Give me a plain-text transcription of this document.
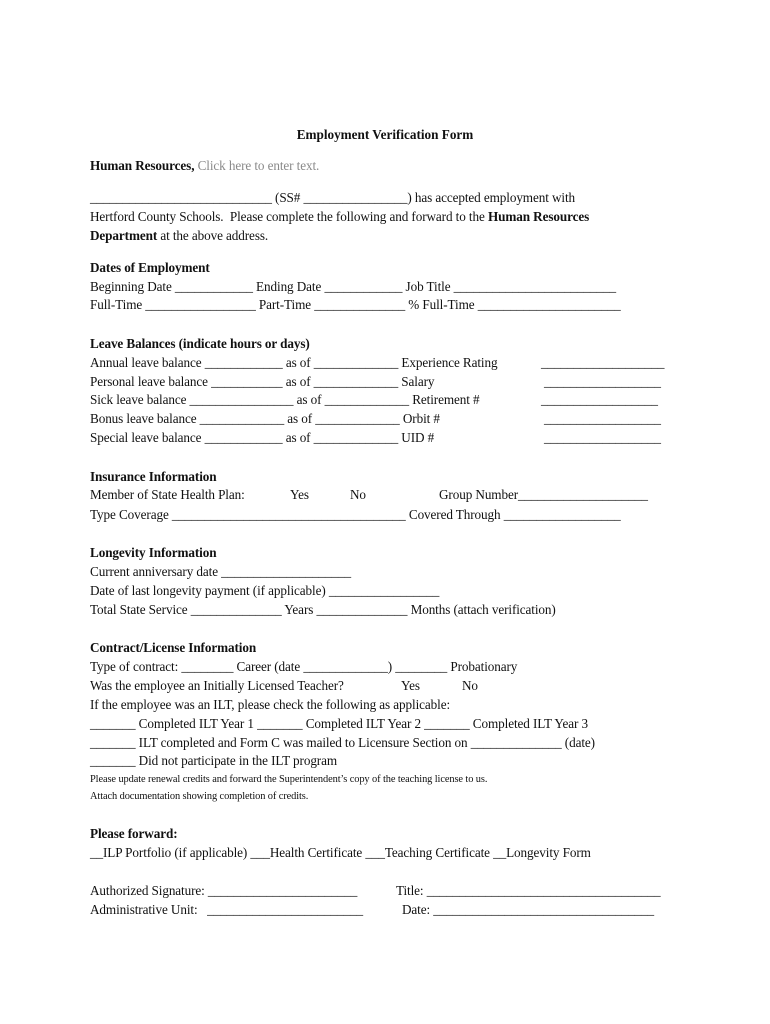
Employment Verification Form
Human Resources, Click here to enter text.
____________________________ (SS# ________________) has accepted employment with
Hertford County Schools.  Please complete the following and forward to the Human Resources
Department at the above address.
Dates of Employment
Beginning Date ____________ Ending Date ____________ Job Title _________________________
Full-Time _________________ Part-Time ______________ % Full-Time ______________________
Leave Balances (indicate hours or days)
Annual leave balance ____________ as of _____________ Experience Rating	___________________
Personal leave balance ___________ as of _____________ Salary	__________________
Sick leave balance ________________ as of _____________ Retirement #	__________________
Bonus leave balance _____________ as of _____________ Orbit #	__________________
Special leave balance ____________ as of _____________ UID #	__________________
Insurance Information
Member of State Health Plan:	Yes	No	Group Number____________________
Type Coverage ____________________________________ Covered Through __________________
Longevity Information
Current anniversary date ____________________
Date of last longevity payment (if applicable) _________________
Total State Service ______________ Years ______________ Months (attach verification)
Contract/License Information
Type of contract: ________ Career (date _____________) ________ Probationary
Was the employee an Initially Licensed Teacher?	Yes	No
If the employee was an ILT, please check the following as applicable:
_______ Completed ILT Year 1 _______ Completed ILT Year 2 _______ Completed ILT Year 3
_______ ILT completed and Form C was mailed to Licensure Section on ______________ (date)
_______ Did not participate in the ILT program
Please update renewal credits and forward the Superintendent’s copy of the teaching license to us.
Attach documentation showing completion of credits.
Please forward:
__ILP Portfolio (if applicable) ___Health Certificate ___Teaching Certificate __Longevity Form
Authorized Signature: _______________________	Title: ____________________________________
Administrative Unit:   ________________________	Date: __________________________________
